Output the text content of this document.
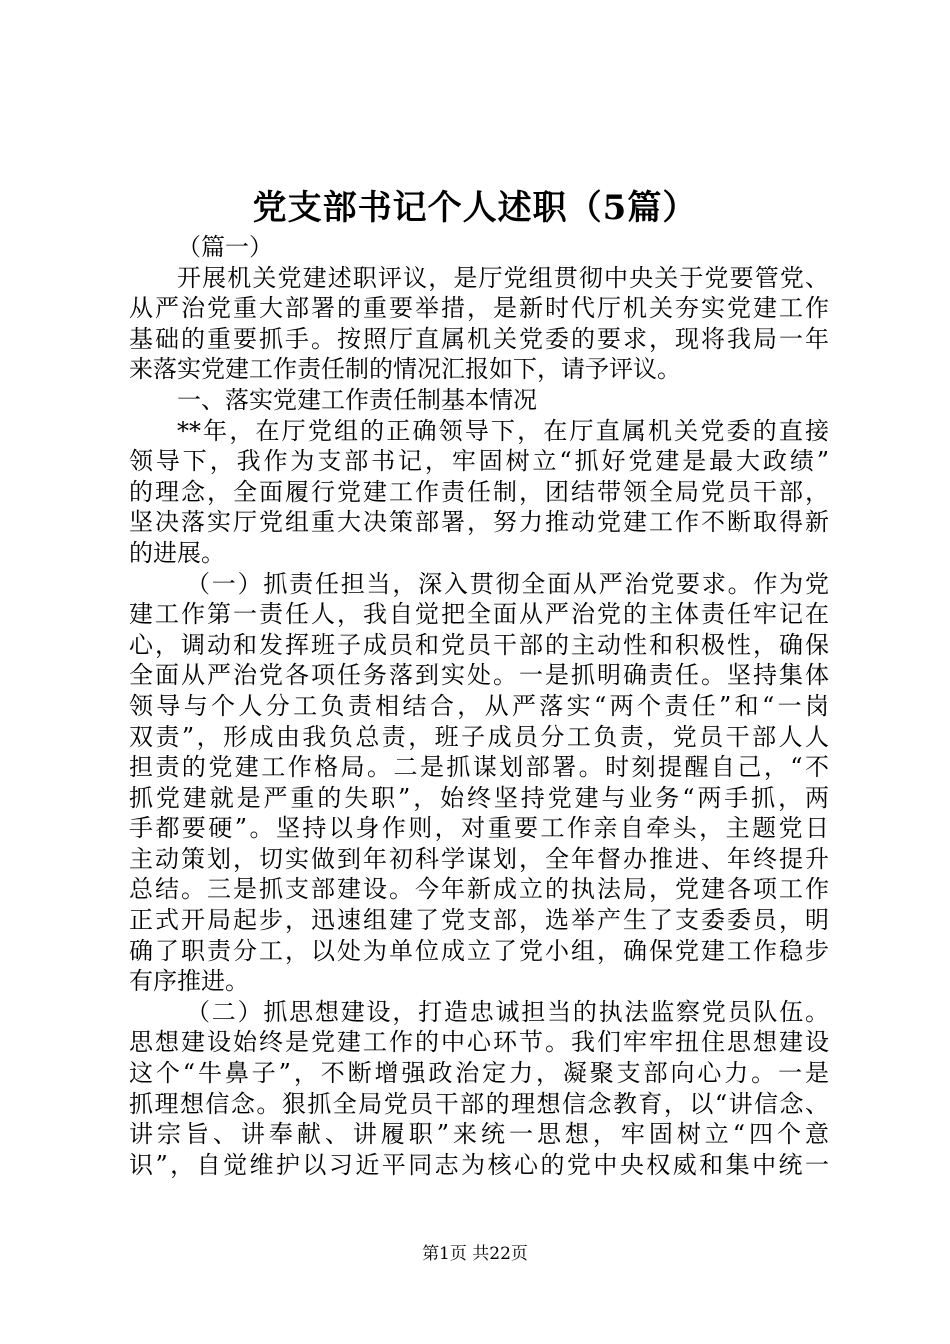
党支部书记个人述职（5篇）
（篇一）
开展机关党建述职评议，是厅党组贯彻中央关于党要管党、
从严治党重大部署的重要举措，是新时代厅机关夯实党建工作
基础的重要抓手。按照厅直属机关党委的要求，现将我局一年
来落实党建工作责任制的情况汇报如下，请予评议。
一、落实党建工作责任制基本情况
**年，在厅党组的正确领导下，在厅直属机关党委的直接
领导下，我作为支部书记，牢固树立“抓好党建是最大政绩”
的理念，全面履行党建工作责任制，团结带领全局党员干部，
坚决落实厅党组重大决策部署，努力推动党建工作不断取得新
的进展。
（一）抓责任担当，深入贯彻全面从严治党要求。作为党
建工作第一责任人，我自觉把全面从严治党的主体责任牢记在
心，调动和发挥班子成员和党员干部的主动性和积极性，确保
全面从严治党各项任务落到实处。一是抓明确责任。坚持集体
领导与个人分工负责相结合，从严落实“两个责任”和“一岗
双责”，形成由我负总责，班子成员分工负责，党员干部人人
担责的党建工作格局。二是抓谋划部署。时刻提醒自己，“不
抓党建就是严重的失职”，始终坚持党建与业务“两手抓，两
手都要硬”。坚持以身作则，对重要工作亲自牵头，主题党日
主动策划，切实做到年初科学谋划，全年督办推进、年终提升
总结。三是抓支部建设。今年新成立的执法局，党建各项工作
正式开局起步，迅速组建了党支部，选举产生了支委委员，明
确了职责分工，以处为单位成立了党小组，确保党建工作稳步
有序推进。
（二）抓思想建设，打造忠诚担当的执法监察党员队伍。
思想建设始终是党建工作的中心环节。我们牢牢扭住思想建设
这个“牛鼻子”，不断增强政治定力，凝聚支部向心力。一是
抓理想信念。狠抓全局党员干部的理想信念教育，以“讲信念、
讲宗旨、讲奉献、讲履职”来统一思想，牢固树立“四个意
识”，自觉维护以习近平同志为核心的党中央权威和集中统一
第1页 共22页
